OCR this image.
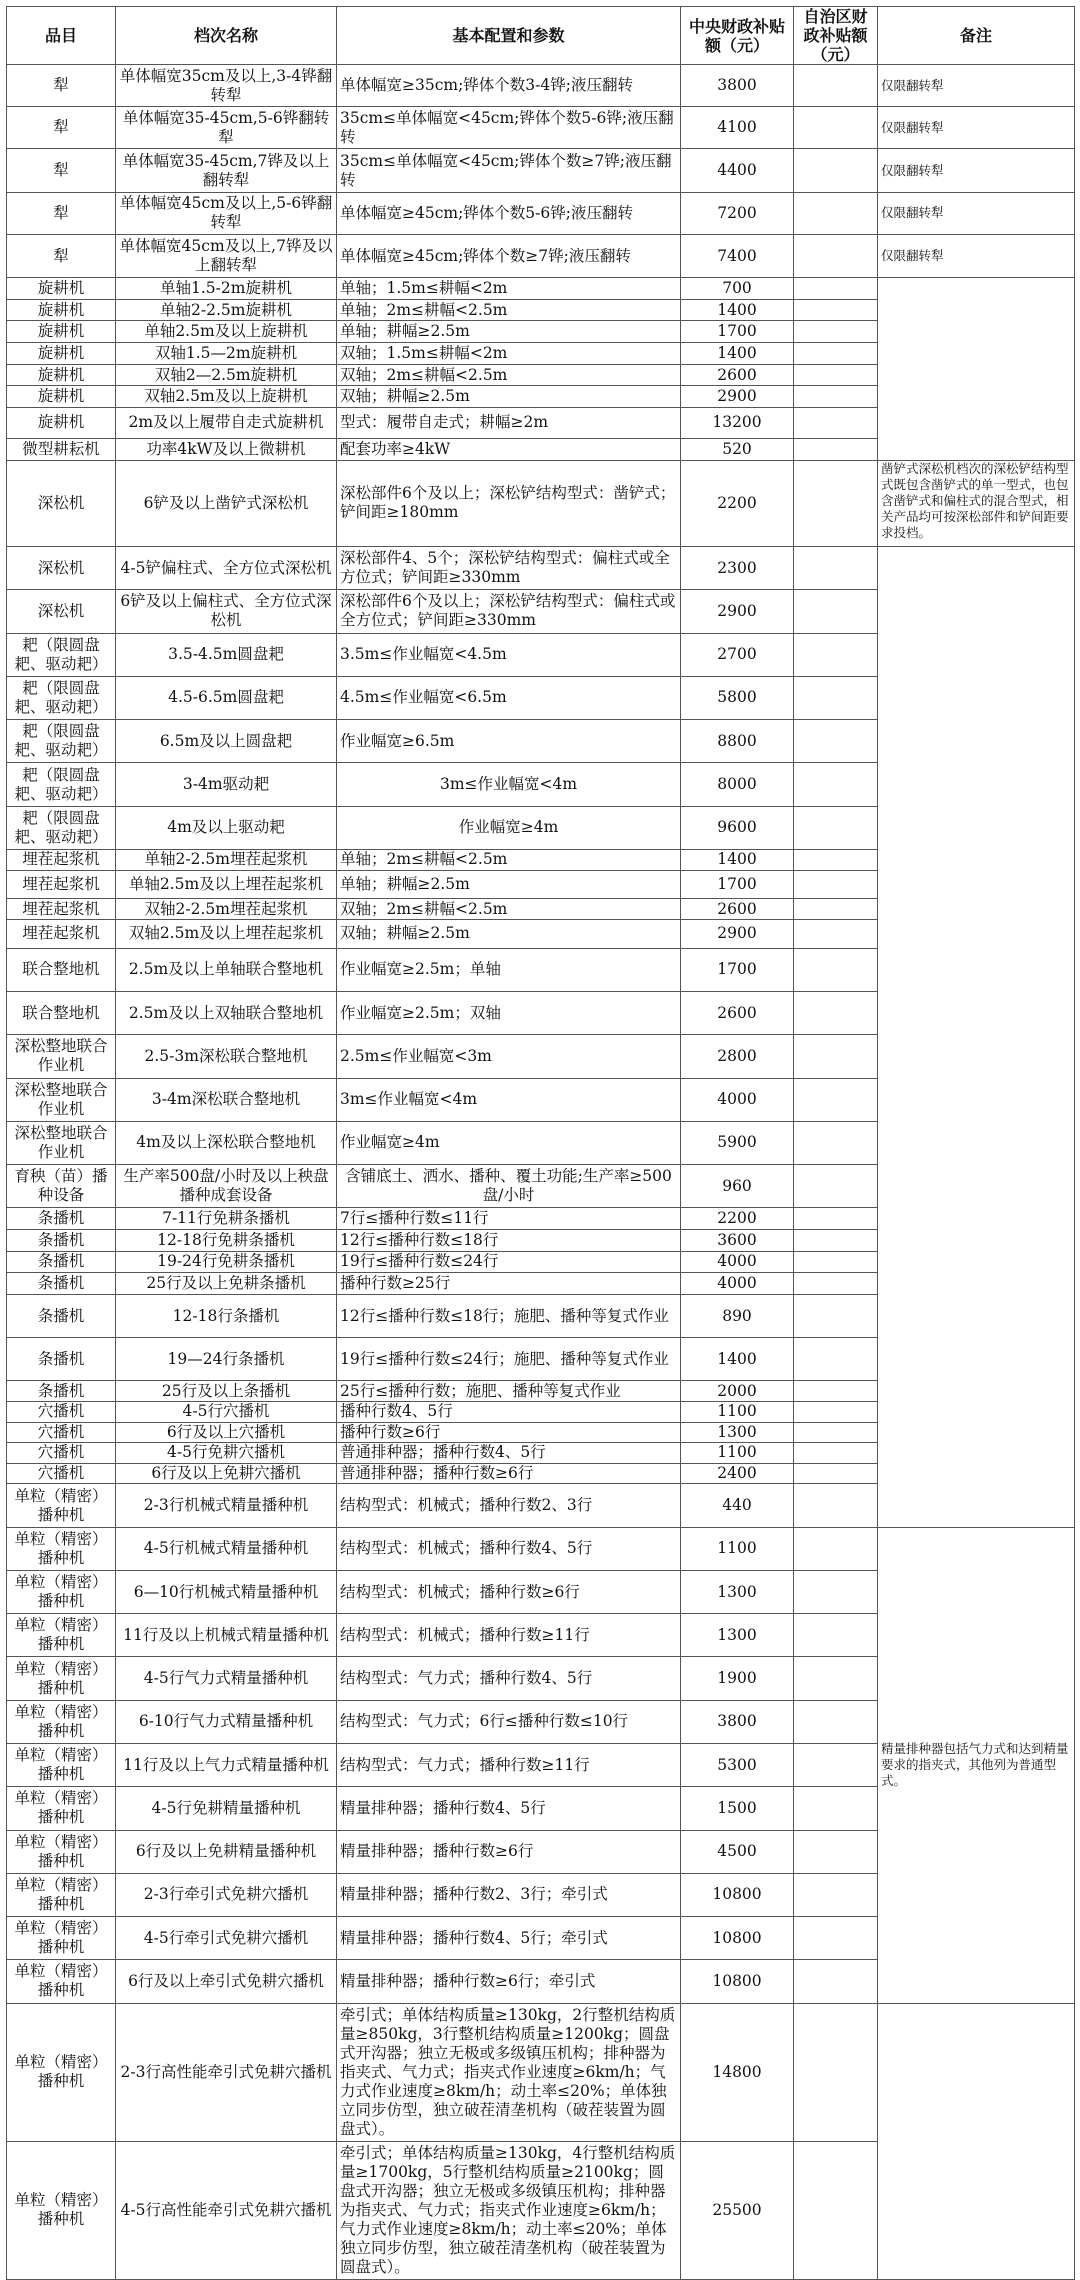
品目	档次名称	基本配置和参数	中央财政补贴额（元）	自治区财政补贴额（元）	备注
犁	单体幅宽35cm及以上,3-4铧翻转犁	单体幅宽≥35cm;铧体个数3-4铧;液压翻转	3800		仅限翻转犁

犁	单体幅宽35-45cm,5-6铧翻转犁	35cm≤单体幅宽<45cm;铧体个数5-6铧;液压翻转	4100		仅限翻转犁

犁	单体幅宽35-45cm,7铧及以上翻转犁	35cm≤单体幅宽<45cm;铧体个数≥7铧;液压翻转	4400		仅限翻转犁

犁	单体幅宽45cm及以上,5-6铧翻转犁	单体幅宽≥45cm;铧体个数5-6铧;液压翻转	7200		仅限翻转犁

犁	单体幅宽45cm及以上,7铧及以上翻转犁	单体幅宽≥45cm;铧体个数≥7铧;液压翻转	7400		仅限翻转犁

旋耕机	单轴1.5-2m旋耕机	单轴；1.5m≤耕幅<2m	700		
旋耕机	单轴2-2.5m旋耕机	单轴；2m≤耕幅<2.5m	1400		
旋耕机	单轴2.5m及以上旋耕机	单轴；耕幅≥2.5m	1700		
旋耕机	双轴1.5—2m旋耕机	双轴；1.5m≤耕幅<2m	1400		
旋耕机	双轴2—2.5m旋耕机	双轴；2m≤耕幅<2.5m	2600		
旋耕机	双轴2.5m及以上旋耕机	双轴；耕幅≥2.5m	2900		
旋耕机	2m及以上履带自走式旋耕机	型式：履带自走式；耕幅≥2m	13200		
微型耕耘机	功率4kW及以上微耕机	配套功率≥4kW	520		
深松机	6铲及以上凿铲式深松机	深松部件6个及以上；深松铲结构型式：凿铲式；铲间距≥180mm	2200		凿铲式深松机档次的深松铲结构型式既包含凿铲式的单一型式，也包含凿铲式和偏柱式的混合型式，相关产品均可按深松部件和铲间距要求投档。

深松机	4-5铲偏柱式、全方位式深松机	深松部件4、5个；深松铲结构型式：偏柱式或全方位式；铲间距≥330mm	2300		
深松机	6铲及以上偏柱式、全方位式深松机	深松部件6个及以上；深松铲结构型式：偏柱式或全方位式；铲间距≥330mm	2900		
耙（限圆盘耙、驱动耙）	3.5-4.5m圆盘耙	3.5m≤作业幅宽<4.5m	2700		
耙（限圆盘耙、驱动耙）	4.5-6.5m圆盘耙	4.5m≤作业幅宽<6.5m	5800		
耙（限圆盘耙、驱动耙）	6.5m及以上圆盘耙	作业幅宽≥6.5m	8800		
耙（限圆盘耙、驱动耙）	3-4m驱动耙	3m≤作业幅宽<4m	8000		
耙（限圆盘耙、驱动耙）	4m及以上驱动耙	作业幅宽≥4m	9600		
埋茬起浆机	单轴2-2.5m埋茬起浆机	单轴；2m≤耕幅<2.5m	1400		
埋茬起浆机	单轴2.5m及以上埋茬起浆机	单轴；耕幅≥2.5m	1700		
埋茬起浆机	双轴2-2.5m埋茬起浆机	双轴；2m≤耕幅<2.5m	2600		
埋茬起浆机	双轴2.5m及以上埋茬起浆机	双轴；耕幅≥2.5m	2900		
联合整地机	2.5m及以上单轴联合整地机	作业幅宽≥2.5m；单轴	1700		
联合整地机	2.5m及以上双轴联合整地机	作业幅宽≥2.5m；双轴	2600		
深松整地联合作业机	2.5-3m深松联合整地机	2.5m≤作业幅宽<3m	2800		
深松整地联合作业机	3-4m深松联合整地机	3m≤作业幅宽<4m	4000		
深松整地联合作业机	4m及以上深松联合整地机	作业幅宽≥4m	5900		
育秧（苗）播种设备	生产率500盘/小时及以上秧盘播种成套设备	含铺底土、洒水、播种、覆土功能;生产率≥500盘/小时	960		
条播机	7-11行免耕条播机	7行≤播种行数≤11行	2200		
条播机	12-18行免耕条播机	12行≤播种行数≤18行	3600		
条播机	19-24行免耕条播机	19行≤播种行数≤24行	4000		
条播机	25行及以上免耕条播机	播种行数≥25行	4000		
条播机	12-18行条播机	12行≤播种行数≤18行；施肥、播种等复式作业	890		
条播机	19—24行条播机	19行≤播种行数≤24行；施肥、播种等复式作业	1400		
条播机	25行及以上条播机	25行≤播种行数；施肥、播种等复式作业	2000		
穴播机	4-5行穴播机	播种行数4、5行	1100		
穴播机	6行及以上穴播机	播种行数≥6行	1300		
穴播机	4-5行免耕穴播机	普通排种器；播种行数4、5行	1100		
穴播机	6行及以上免耕穴播机	普通排种器；播种行数≥6行	2400		
单粒（精密）播种机	2-3行机械式精量播种机	结构型式：机械式；播种行数2、3行	440		
单粒（精密）播种机	4-5行机械式精量播种机	结构型式：机械式；播种行数4、5行	1100		精量排种器包括气力式和达到精量要求的指夹式，其他列为普通型式。

单粒（精密）播种机	6—10行机械式精量播种机	结构型式：机械式；播种行数≥6行	1300		
单粒（精密）播种机	11行及以上机械式精量播种机	结构型式：机械式；播种行数≥11行	1300		
单粒（精密）播种机	4-5行气力式精量播种机	结构型式：气力式；播种行数4、5行	1900		
单粒（精密）播种机	6-10行气力式精量播种机	结构型式：气力式；6行≤播种行数≤10行	3800		
单粒（精密）播种机	11行及以上气力式精量播种机	结构型式：气力式；播种行数≥11行	5300		
单粒（精密）播种机	4-5行免耕精量播种机	精量排种器；播种行数4、5行	1500		
单粒（精密）播种机	6行及以上免耕精量播种机	精量排种器；播种行数≥6行	4500		
单粒（精密）播种机	2-3行牵引式免耕穴播机	精量排种器；播种行数2、3行；牵引式	10800		
单粒（精密）播种机	4-5行牵引式免耕穴播机	精量排种器；播种行数4、5行；牵引式	10800		
单粒（精密）播种机	6行及以上牵引式免耕穴播机	精量排种器；播种行数≥6行；牵引式	10800		
单粒（精密）播种机	2-3行高性能牵引式免耕穴播机	牵引式；单体结构质量≥130kg，2行整机结构质量≥850kg，3行整机结构质量≥1200kg；圆盘式开沟器；独立无极或多级镇压机构；排种器为指夹式、气力式；指夹式作业速度≥6km/h；气力式作业速度≥8km/h；动土率≤20%；单体独立同步仿型，独立破茬清垄机构（破茬装置为圆盘式）。	14800		
单粒（精密）播种机	4-5行高性能牵引式免耕穴播机	牵引式；单体结构质量≥130kg，4行整机结构质量≥1700kg，5行整机结构质量≥2100kg；圆盘式开沟器；独立无极或多级镇压机构；排种器为指夹式、气力式；指夹式作业速度≥6km/h；气力式作业速度≥8km/h；动土率≤20%；单体独立同步仿型，独立破茬清垄机构（破茬装置为圆盘式）。	25500		
